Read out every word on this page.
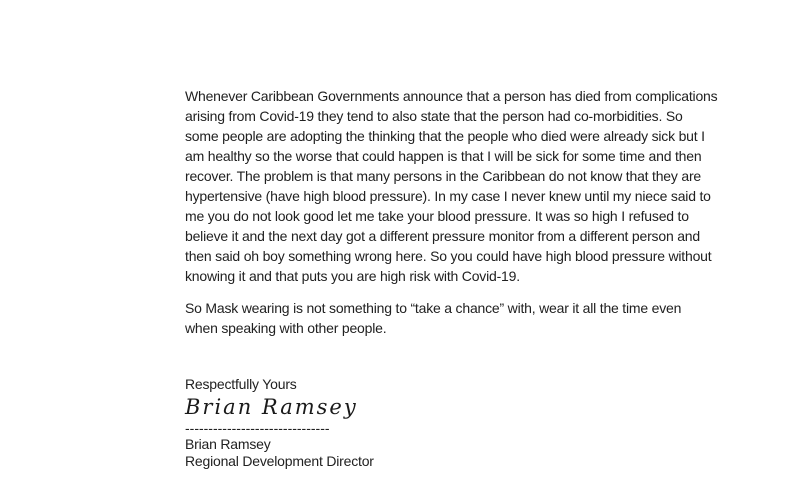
Whenever Caribbean Governments announce that a person has died from complications
arising from Covid-19 they tend to also state that the person had co-morbidities. So
some people are adopting the thinking that the people who died were already sick but I
am healthy so the worse that could happen is that I will be sick for some time and then
recover. The problem is that many persons in the Caribbean do not know that they are
hypertensive (have high blood pressure). In my case I never knew until my niece said to
me you do not look good let me take your blood pressure. It was so high I refused to
believe it and the next day got a different pressure monitor from a different person and
then said oh boy something wrong here. So you could have high blood pressure without
knowing it and that puts you are high risk with Covid-19.
So Mask wearing is not something to “take a chance” with, wear it all the time even
when speaking with other people.
Respectfully Yours
Brian Ramsey
-------------------------------
Brian Ramsey
Regional Development Director
